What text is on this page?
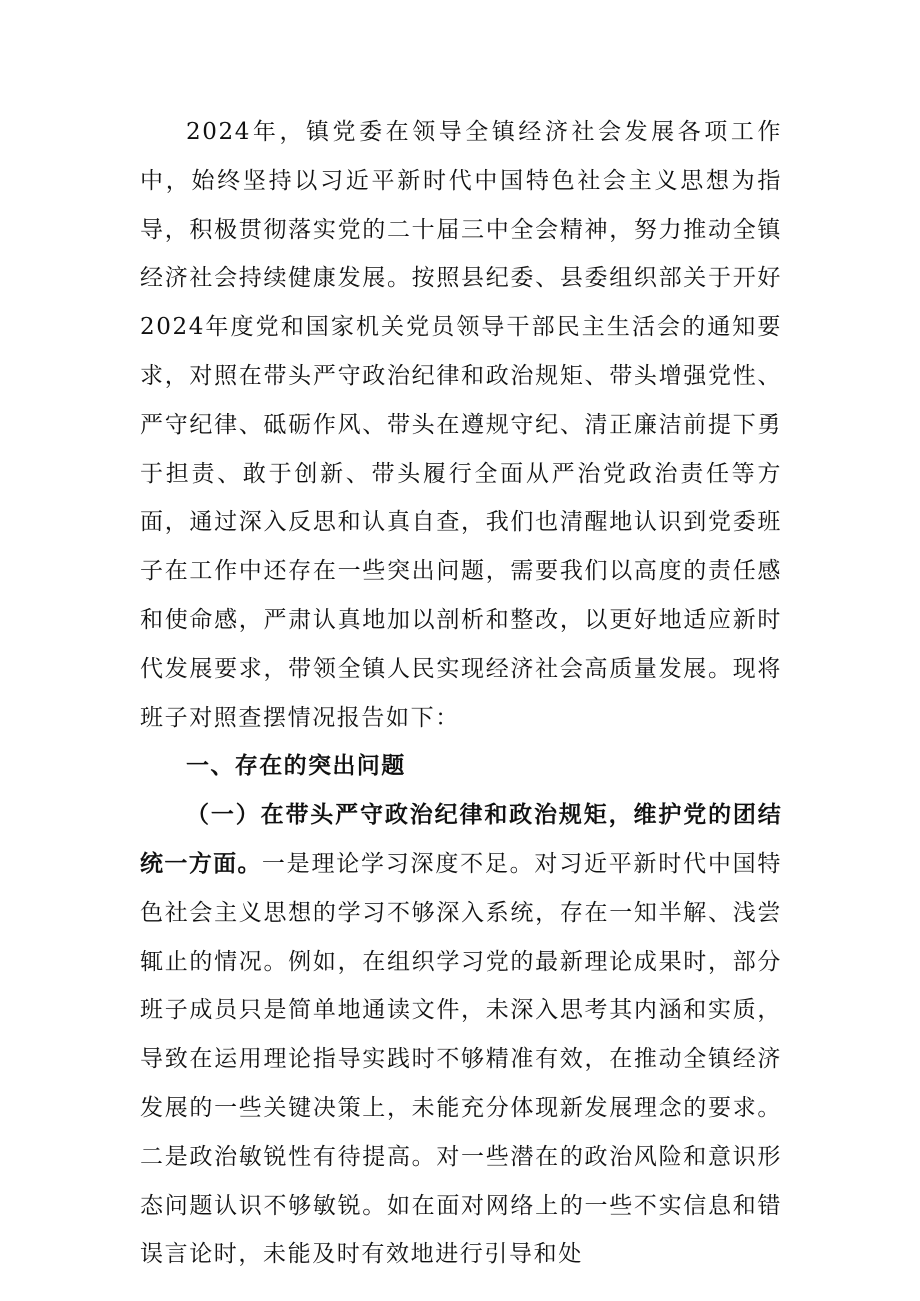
2024年，镇党委在领导全镇经济社会发展各项工作中，始终坚持以习近平新时代中国特色社会主义思想为指导，积极贯彻落实党的二十届三中全会精神，努力推动全镇经济社会持续健康发展。按照县纪委、县委组织部关于开好2024年度党和国家机关党员领导干部民主生活会的通知要求，对照在带头严守政治纪律和政治规矩、带头增强党性、严守纪律、砥砺作风、带头在遵规守纪、清正廉洁前提下勇于担责、敢于创新、带头履行全面从严治党政治责任等方面，通过深入反思和认真自查，我们也清醒地认识到党委班子在工作中还存在一些突出问题，需要我们以高度的责任感和使命感，严肃认真地加以剖析和整改，以更好地适应新时代发展要求，带领全镇人民实现经济社会高质量发展。现将班子对照查摆情况报告如下：

一、存在的突出问题

（一）在带头严守政治纪律和政治规矩，维护党的团结统一方面。一是理论学习深度不足。对习近平新时代中国特色社会主义思想的学习不够深入系统，存在一知半解、浅尝辄止的情况。例如，在组织学习党的最新理论成果时，部分班子成员只是简单地通读文件，未深入思考其内涵和实质，导致在运用理论指导实践时不够精准有效，在推动全镇经济发展的一些关键决策上，未能充分体现新发展理念的要求。二是政治敏锐性有待提高。对一些潜在的政治风险和意识形态问题认识不够敏锐。如在面对网络上的一些不实信息和错误言论时，未能及时有效地进行引导和处
